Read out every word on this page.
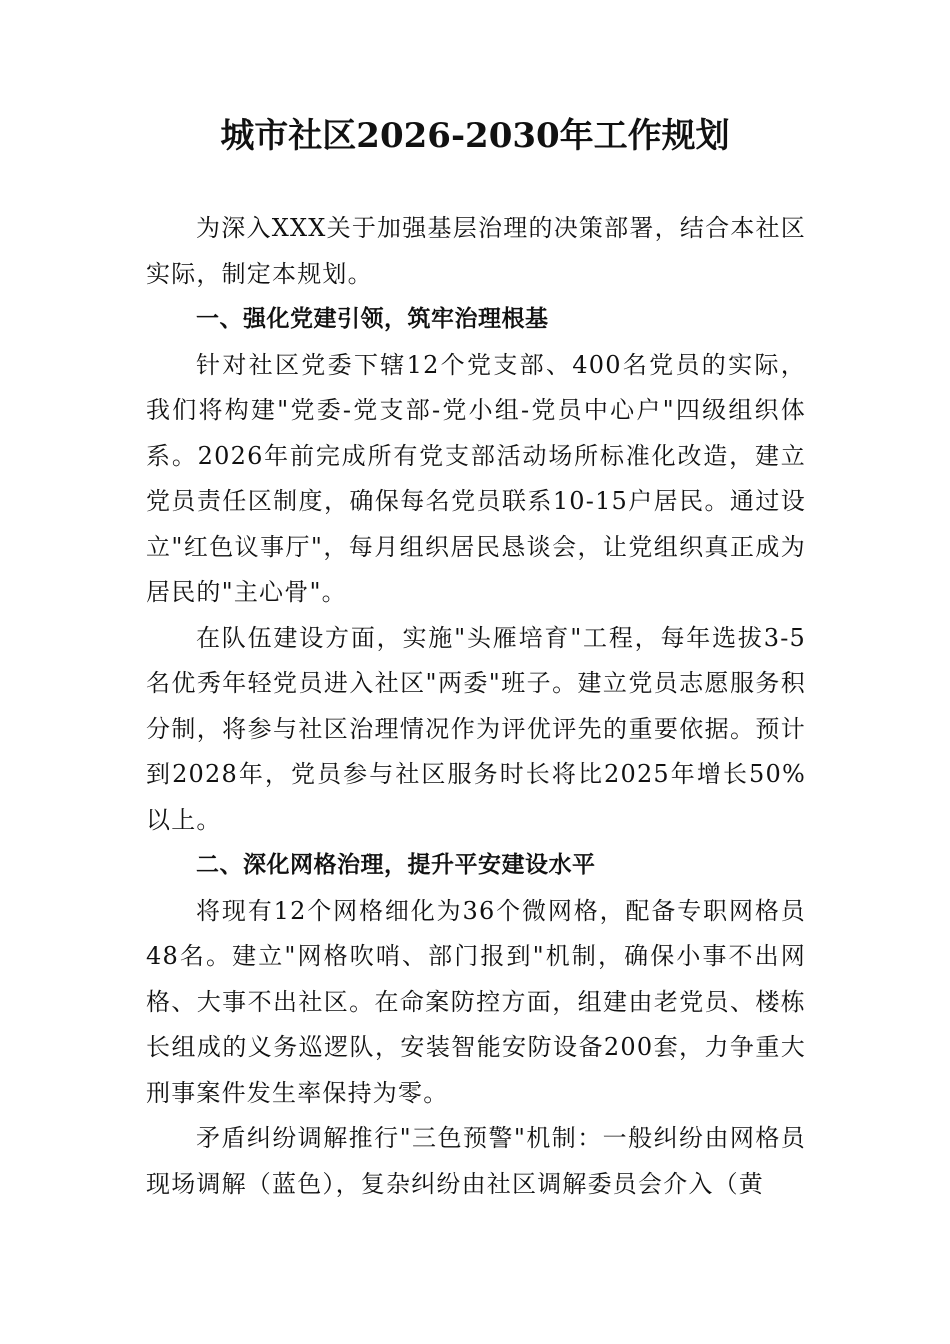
城市社区2026-2030年工作规划

为深入XXX关于加强基层治理的决策部署，结合本社区实际，制定本规划。

一、强化党建引领，筑牢治理根基

针对社区党委下辖12个党支部、400名党员的实际，我们将构建"党委-党支部-党小组-党员中心户"四级组织体系。2026年前完成所有党支部活动场所标准化改造，建立党员责任区制度，确保每名党员联系10-15户居民。通过设立"红色议事厅"，每月组织居民恳谈会，让党组织真正成为居民的"主心骨"。

在队伍建设方面，实施"头雁培育"工程，每年选拔3-5名优秀年轻党员进入社区"两委"班子。建立党员志愿服务积分制，将参与社区治理情况作为评优评先的重要依据。预计到2028年，党员参与社区服务时长将比2025年增长50%以上。

二、深化网格治理，提升平安建设水平

将现有12个网格细化为36个微网格，配备专职网格员48名。建立"网格吹哨、部门报到"机制，确保小事不出网格、大事不出社区。在命案防控方面，组建由老党员、楼栋长组成的义务巡逻队，安装智能安防设备200套，力争重大刑事案件发生率保持为零。

矛盾纠纷调解推行"三色预警"机制：一般纠纷由网格员现场调解（蓝色），复杂纠纷由社区调解委员会介入（黄
